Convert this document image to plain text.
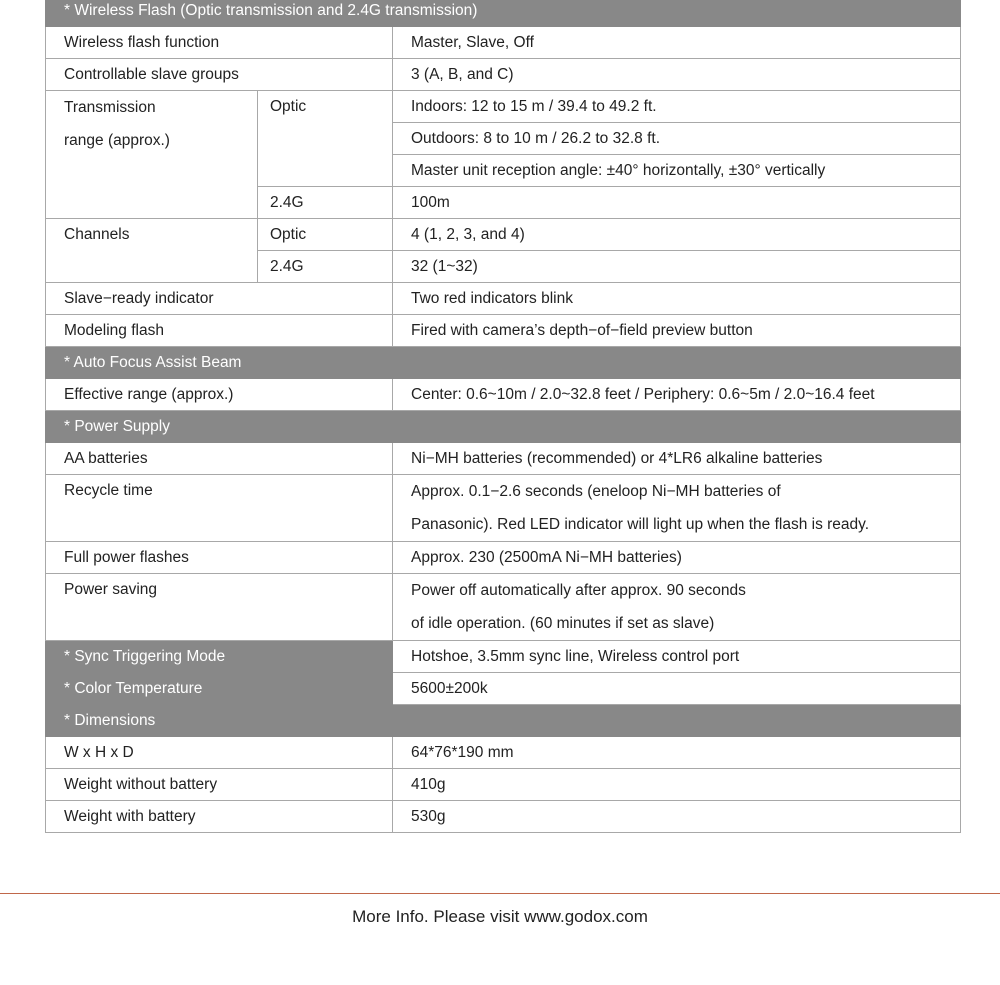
* Wireless Flash (Optic transmission and 2.4G transmission)		
Wireless flash function		Master, Slave, Off
Controllable slave groups		3 (A, B, and C)
Transmission
range (approx.)	Optic	Indoors: 12 to 15 m / 39.4 to 49.2 ft.
		Outdoors: 8 to 10 m / 26.2 to 32.8 ft.
		Master unit reception angle: ±40° horizontally, ±30° vertically
	2.4G	100m
Channels	Optic	4 (1, 2, 3, and 4)
	2.4G	32 (1~32)
Slave−ready indicator		Two red indicators blink
Modeling flash		Fired with camera’s depth−of−field preview button
* Auto Focus Assist Beam		
Effective range (approx.)		Center: 0.6~10m / 2.0~32.8 feet / Periphery: 0.6~5m / 2.0~16.4 feet
* Power Supply		
AA batteries		Ni−MH batteries (recommended) or 4*LR6 alkaline batteries
Recycle time		Approx. 0.1−2.6 seconds (eneloop Ni−MH batteries of
Panasonic). Red LED indicator will light up when the flash is ready.
Full power flashes		Approx. 230 (2500mA Ni−MH batteries)
Power saving		Power off automatically after approx. 90 seconds
of idle operation. (60 minutes if set as slave)
* Sync Triggering Mode		Hotshoe, 3.5mm sync line, Wireless control port
* Color Temperature		5600±200k
* Dimensions		
W x H x D		64*76*190 mm
Weight without battery		410g
Weight with battery		530g
More Info. Please visit www.godox.com
